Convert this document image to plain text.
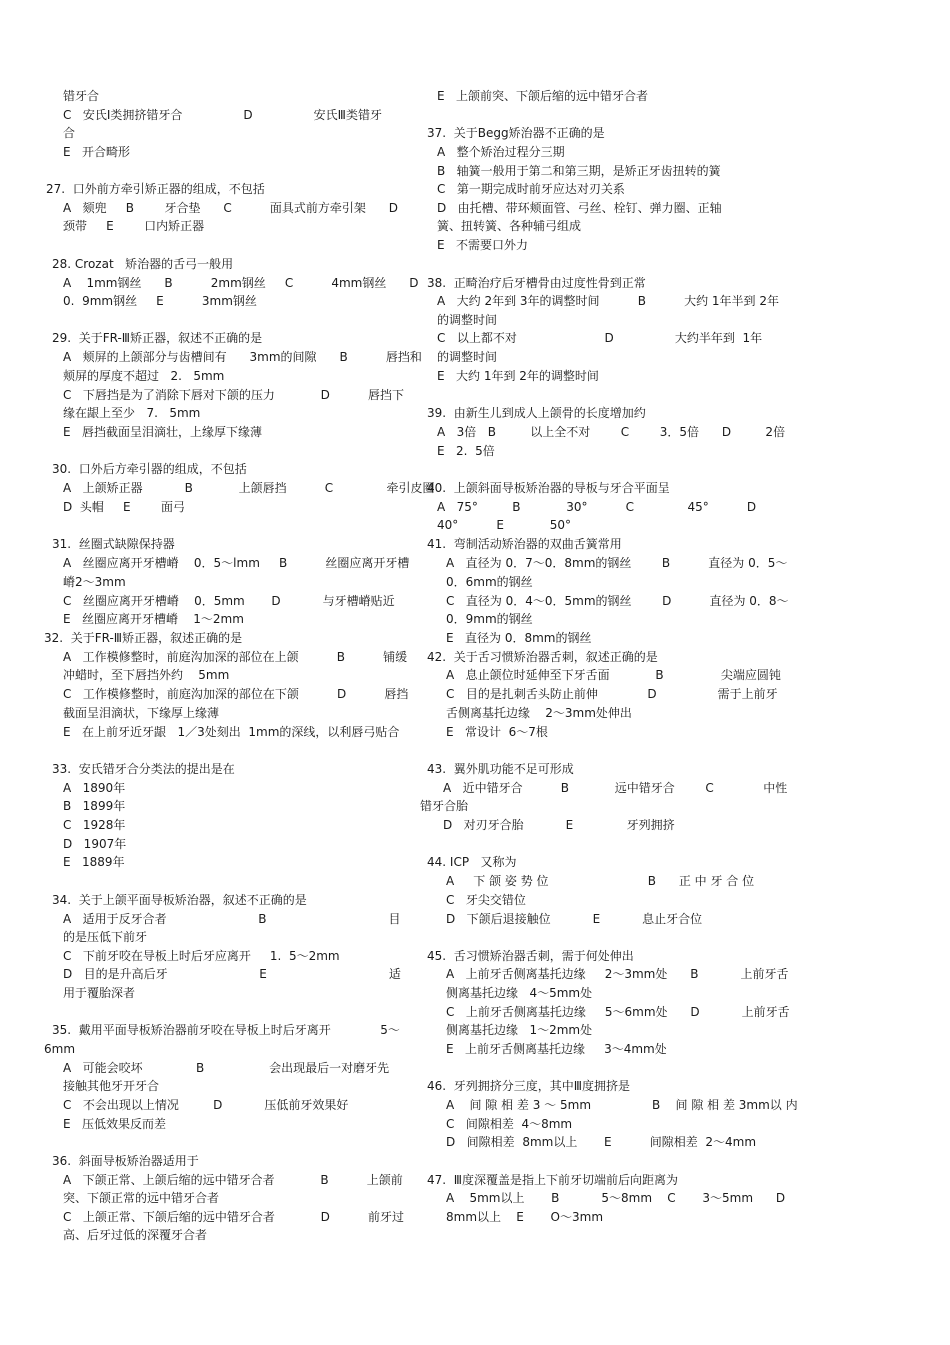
错牙合
C   安氏Ⅰ类拥挤错牙合                D                安氏Ⅲ类错牙
合
E   开合畸形
27.  口外前方牵引矫正器的组成，不包括
A   颏兜     B        牙合垫      C          面具式前方牵引架      D
颈带     E        口内矫正器
28. Crozat   矫治器的舌弓一般用
A    1mm钢丝      B          2mm钢丝     C          4mm钢丝      D
0.  9mm钢丝     E          3mm钢丝
29.  关于FR-Ⅲ矫正器，叙述不正确的是
A   颊屏的上颌部分与齿槽间有      3mm的间隙      B          唇挡和
颊屏的厚度不超过   2.   5mm
C   下唇挡是为了消除下唇对下颌的压力            D          唇挡下
缘在龈上至少   7.   5mm
E   唇挡截面呈泪滴壮，上缘厚下缘薄
30.  口外后方牵引器的组成，不包括
A   上颌矫正器           B            上颌唇挡          C              牵引皮圈
D  头帽     E        面弓
31.  丝圈式缺隙保持器
A   丝圈应离开牙槽嵴    0．5～lmm     B          丝圈应离开牙槽
嵴2～3mm
C   丝圈应离开牙槽嵴    0．5mm       D           与牙槽嵴贴近
E   丝圈应离开牙槽嵴    1～2mm
32.  关于FR-Ⅲ矫正器，叙述正确的是
A   工作模修整时，前庭沟加深的部位在上颌          B          铺缓
冲蜡时，至下唇挡外约    5mm
C   工作模修整时，前庭沟加深的部位在下颌          D          唇挡
截面呈泪滴状，下缘厚上缘薄
E   在上前牙近牙龈   1／3处刻出  1mm的深线，以利唇弓贴合
33.  安氏错牙合分类法的提出是在
A   1890年
B   1899年
C   1928年
D   1907年
E   1889年
34.  关于上颌平面导板矫治器，叙述不正确的是
A   适用于反牙合者                        B                                目
的是压低下前牙
C   下前牙咬在导板上时后牙应离开     1.  5～2mm
D   目的是升高后牙                        E                                适
用于覆胎深者
35.  戴用平面导板矫治器前牙咬在导板上时后牙离开             5～
6mm
A   可能会咬坏              B                 会出现最后一对磨牙先
接触其他牙开牙合
C   不会出现以上情况         D           压低前牙效果好
E   压低效果反而差
36.  斜面导板矫治器适用于
A   下颌正常、上颌后缩的远中错牙合者            B          上颌前
突、下颌正常的远中错牙合者
C   上颌正常、下颌后缩的远中错牙合者            D          前牙过
高、后牙过低的深覆牙合者
E   上颌前突、下颌后缩的远中错牙合者
37.  关于Begg矫治器不正确的是
A   整个矫治过程分三期
B   轴簧一般用于第二和第三期，是矫正牙齿扭转的簧
C   第一期完成时前牙应达对刃关系
D   由托槽、带环颊面管、弓丝、栓钉、弹力圈、正轴
簧、扭转簧、各种辅弓组成
E   不需要口外力
38.  正畸治疗后牙槽骨由过度性骨到正常
A   大约 2年到 3年的调整时间          B          大约 1年半到 2年
的调整时间
C   以上都不对                       D                大约半年到  1年
的调整时间
E   大约 1年到 2年的调整时间
39.  由新生儿到成人上颌骨的长度增加约
A   3倍   B         以上全不对        C        3．5倍      D         2倍
E   2.  5倍
40.  上颌斜面导板矫治器的导板与牙合平面呈
A   75°         B            30°          C              45°          D
40°          E            50°
41.  弯制活动矫治器的双曲舌簧常用
A   直径为 0．7～0．8mm的钢丝        B          直径为 0．5～
0．6mm的钢丝
C   直径为 0．4～0．5mm的钢丝        D          直径为 0．8～
0．9mm的钢丝
E   直径为 0．8mm的钢丝
42.  关于舌习惯矫治器舌刺，叙述正确的是
A   息止颌位时延伸至下牙舌面            B               尖端应圆钝
C   目的是扎刺舌头防止前伸             D                需于上前牙
舌侧离基托边缘    2～3mm处伸出
E   常设计  6～7根
43.  翼外肌功能不足可形成
A   近中错牙合          B            远中错牙合        C             中性
错牙合胎
D   对刃牙合胎           E              牙列拥挤
44. ICP   又称为
A     下 颌 姿 势 位                          B      正 中 牙 合 位
C   牙尖交错位
D   下颌后退接触位           E           息止牙合位
45.  舌习惯矫治器舌刺，需于何处伸出
A   上前牙舌侧离基托边缘     2～3mm处      B           上前牙舌
侧离基托边缘   4～5mm处
C   上前牙舌侧离基托边缘     5～6mm处      D           上前牙舌
侧离基托边缘   1～2mm处
E   上前牙舌侧离基托边缘     3～4mm处
46.  牙列拥挤分三度，其中Ⅲ度拥挤是
A    间 隙 相 差 3 ～ 5mm                B    间 隙 相 差 3mm以 内
C   间隙相差  4～8mm
D   间隙相差  8mm以上       E          间隙相差  2～4mm
47.  Ⅲ度深覆盖是指上下前牙切端前后向距离为
A    5mm以上       B           5～8mm    C       3～5mm      D
8mm以上    E       O～3mm
